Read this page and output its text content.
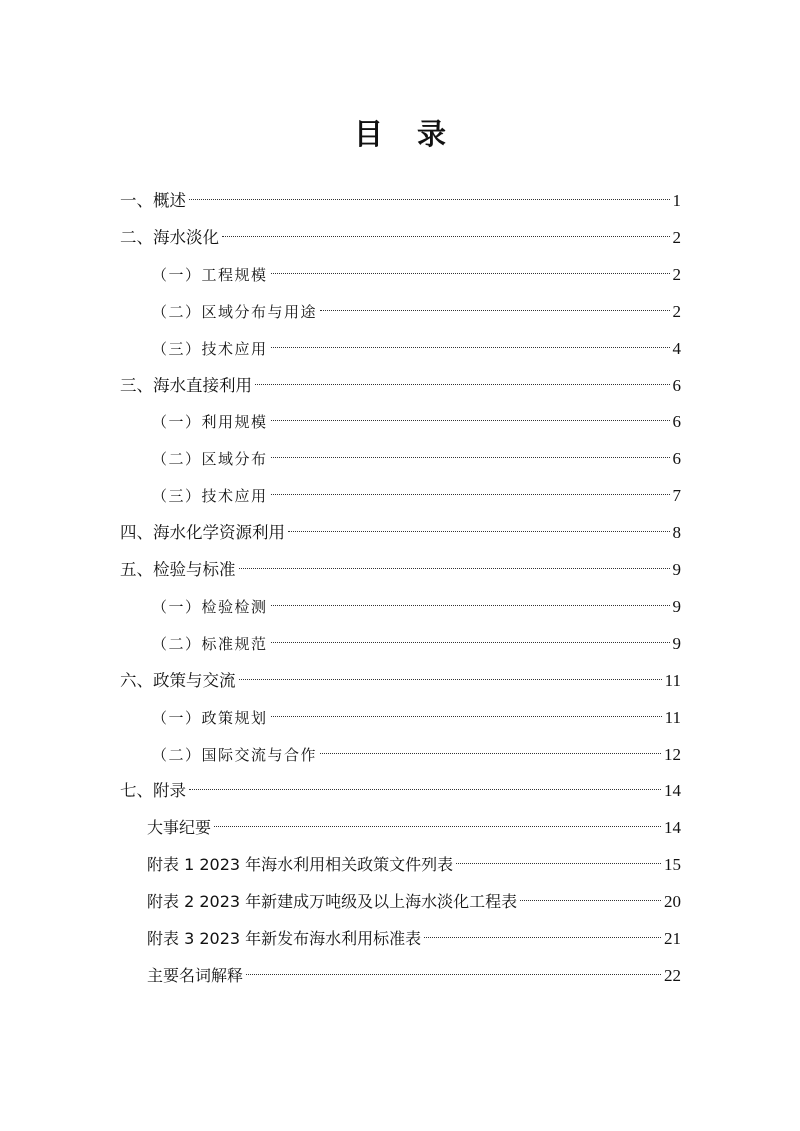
目 录
一、概述	1
二、海水淡化	2
（一）工程规模	2
（二）区域分布与用途	2
（三）技术应用	4
三、海水直接利用	6
（一）利用规模	6
（二）区域分布	6
（三）技术应用	7
四、海水化学资源利用	8
五、检验与标准	9
（一）检验检测	9
（二）标准规范	9
六、政策与交流	11
（一）政策规划	11
（二）国际交流与合作	12
七、附录	14
大事纪要	14
附表 1 2023 年海水利用相关政策文件列表	15
附表 2 2023 年新建成万吨级及以上海水淡化工程表	20
附表 3 2023 年新发布海水利用标准表	21
主要名词解释	22
